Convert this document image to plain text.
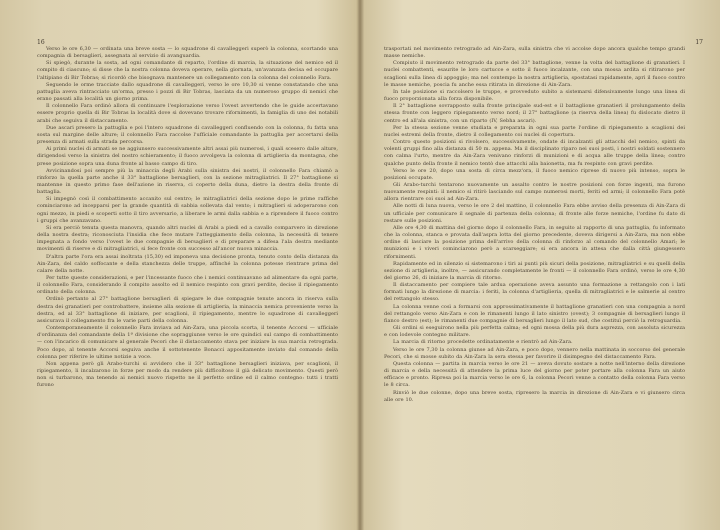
16

Verso le ore 6,30 — ordinata una breve sosta — lo squadrone di cavalleggeri superò la colonna, scortando una compagnia di bersaglieri, assegnata al servizio di avanguardia.

Si spiegò, durante la sosta, ad ogni comandante di reparto, l'ordine di marcia, la situazione del nemico ed il compito di ciascuno; si disse che la nostra colonna doveva operare, nella giornata, un'avanzata decisa ed occupare l'altipiano di Bir Tobras; si ricordò che bisognava mantenere un collegamento con la colonna del colonnello Fara.

Seguendo le orme tracciate dallo squadrone di cavalleggeri, verso le ore 10,30 si venne constatando che una pattuglia aveva rintracciato un'orma, presso i pozzi di Bir Tobras, lasciata da un numeroso gruppo di nemici che erano passati alla località un giorno prima.

Il colonnello Fara ordinò allora di continuare l'esplorazione verso l'ovest avvertendo che le guide accertavano essere proprio quella di Bir Tobras la località dove si dovevano trovare rifornimenti, la famiglia di uno dei notabili arabi che seguiva il distaccamento.

Due ascari presero la pattuglia e poi l'intero squadrone di cavalleggeri confluendo con la colonna, fu fatta una sosta sul margine delle alture; il colonnello Fara raccolse l'ufficiale comandante la pattuglia per accertarsi della presenza di armati sulla strada percorsa.

Ai primi nuclei di armati se ne aggiunsero successivamente altri assai più numerosi, i quali scesero dalle alture, dirigendosi verso la sinistra del nostro schieramento; il fuoco avvolgeva la colonna di artiglieria da montagna, che prese posizione sopra una duna fronte al basso campo di tiro.

Avvicinandosi poi sempre più la minaccia degli Arabi sulla sinistra dei nostri, il colonnello Fara chiamò a rinforzo la quella parte anche il 33° battaglione bersaglieri, con la sezione mitragliatrici. Il 27° battaglione si mantenne in questo primo fase dell'azione in riserva, ci coperto della duna, dietro la destra della fronte di battaglia.

Si impegnò così il combattimento accanito sul centro; le mitragliatrici della sezione dopo le prime raffiche cominciarono ad incepparsi per la grande quantità di sabbia sollevata dal vento; i mitraglieri si adoperarono con ogni mezzo, in piedi e scoperti sotto il tiro avversario, a liberare le armi dalla sabbia e a riprendere il fuoco contro i gruppi che avanzavano.

Si era perciò tenuta questa manovra, quando altri nuclei di Arabi a piedi ed a cavallo comparvero in direzione della nostra destra; riconosciuta l'insidia che fece mutare l'atteggiamento della colonna, la necessità di tenere impegnata a fondo verso l'ovest le due compagnie di bersaglieri e di preparare a difesa l'ala destra mediante movimenti di riserve e di mitragliatrici, si fece fronte con successo all'ancor nuova minaccia.

D'altra parte l'ora era assai inoltrata (15,30) ed imponeva una decisione pronta, tenuto conto della distanza da Ain-Zara, del caldo soffocante e della stanchezza delle truppe, affinché la colonna potesse rientrare prima del calare della notte.

Per tutte queste considerazioni, e per l'incessante fuoco che i nemici continuavano ad alimentare da ogni parte, il colonnello Fara, considerando il compito assolto ed il nemico respinto con gravi perdite, decise il ripiegamento ordinato della colonna.

Ordinò pertanto al 27° battaglione bersaglieri di spiegare le due compagnie tenute ancora in riserva sulla destra dei granatieri per controbattere, insieme alla sezione di artiglieria, la minaccia nemica proveniente verso la destra, ed al 33° battaglione di iniziare, per scaglioni, il ripiegamento, mentre lo squadrone di cavalleggeri assicurava il collegamento fra le varie parti della colonna.

Contemporaneamente il colonnello Fara inviava ad Ain-Zara, una piccola scorta, il tenente Accorsi — ufficiale d'ordinanza del comandante della 1ª divisione che sopraggiunse verso le ore quindici sul campo di combattimento — con l'incarico di comunicare al generale Pecori che il distaccamento stava per iniziare la sua marcia retrograda. Poco dopo, al tenente Accorsi seguiva anche il sottotenente Bonacci appositamente inviato dal comando della colonna per riferire le ultime notizie a voce.

Non appena però gli Arabo-turchi si avvidero che il 33° battaglione bersaglieri iniziava, per scaglioni, il ripiegamento, li incalzarono in forze per modo da rendere più difficoltoso il già delicato movimento. Questi però non si turbarono, ma tenendo ai nemici nuovo rispetto ne il perfetto ordine ed il calmo contegno: tutti i tratti furono

17

trasportati nel movimento retrogrado ad Ain-Zara, sulla sinistra che vi accolse dopo ancora qualche tempo grandi masse nemiche.

Compiuto il movimento retrogrado da parte del 33° battaglione, venne la volta del battaglione di granatieri. I nuclei combattenti, esaurite le loro cartucce e sotto il fuoco incalzante, con una mossa ardita si ritirarono per scaglioni sulla linea di appoggio; ma nel contempo la nostra artiglieria, spostatasi rapidamente, aprì il fuoco contro le masse nemiche, poscia fu anche essa ritirata in direzione di Ain-Zara.

In tale posizione si raccolsero le truppe, e provveduto subito a sistemarsi difensivamente lungo una linea di fuoco proporzionata alla forza disponibile.

Il 2° battaglione sovrapposto sulla fronte principale sud-est e il battaglione granatieri il prolungamento della stessa fronte con leggero ripiegamento verso nord; il 27° battaglione (a riserva della linea) fu dislocato dietro il centro ed all'ala sinistra, con un riparto (IV, Sebha ascari).

Per la stessa sezione venne studiata e preparata in ogni sua parte l'ordine di ripiegamento a scaglioni dei nuclei estremi della fronte, dietro il collegamento coi nuclei di copertura.

Contro questo posizioni si rivolsero, successivamente, ondate di incalzanti gli attacchi del nemico, spinti da volenti gruppi fino alla distanza di 50 m. appena. Ma il disciplinato riparo nei suoi posti, i nostri soldati sostennero con calma l'urto, mentre da Ain-Zara venivano rinforzi di munizioni e di acqua alle truppe della linea; contro qualche punto della fronte il nemico tentò due attacchi alla baionetta, ma fu respinto con gravi perdite.

Verso le ore 20, dopo una sosta di circa mezz'ora, il fuoco nemico riprese di nuovo più intenso, sopra le posizioni occupate.

Gli Arabo-turchi tentarono nuovamente un assalto contro le nostre posizioni con forze ingenti, ma furono nuovamente respinti: il nemico si ritirò lasciando sul campo numerosi morti, feriti ed armi; il colonnello Fara potè allora rientrare coi suoi ad Ain-Zara.

Alle notti di luna nuova, verso le ore 2 del mattino, il colonnello Fara ebbe avviso della presenza di Ain-Zara di un ufficiale per comunicare il segnale di partenza della colonna; di fronte alle forze nemiche, l'ordine fu dato di restare sulle posizioni.

Alle ore 4,30 di mattina del giorno dopo il colonnello Fara, in seguito al rapporto di una pattuglia, fu informato che la colonna, stanca e provata dall'aspra lotta del giorno precedente, doveva dirigersi a Ain-Zara, ma non ebbe ordine di lasciare la posizione prima dell'arrivo della colonna di rinforzo al comando del colonnello Amari; le munizioni e i viveri cominciarono però a scarseggiare; si era ancora in attesa che dalla città giungessero rifornimenti.

Rapidamente ed in silenzio si sistemarono i tiri ai punti più sicuri della posizione, mitragliatrici e su quelli della sezione di artiglieria, inoltre, — assicurando completamente le fronti — il colonnello Fara ordinò, verso le ore 4,30 del giorno 26, di iniziare la marcia di ritorno.

Il distaccamento per compiere tale ardua operazione aveva assunto una formazione a rettangolo con i lati formati lungo la direzione di marcia: i feriti, la colonna d'artiglieria, quella di mitragliatrici e le salmerie al centro del rettangolo stesso.

La colonna venne così a formarsi con approssimativamente il battaglione granatieri con una compagnia a nord del rettangolo verso Ain-Zara e con le rimanenti lungo il lato sinistro (ovest); 3 compagnie di bersaglieri lungo il fianco destro (est); le rimanenti due compagnie di bersaglieri lungo il lato sud, che costituì perciò la retroguardia.

Gli ordini si eseguirono nella più perfetta calma; ed ogni mossa della più dura asprezza, con assoluta sicurezza e con lodevole contegno militare.

La marcia di ritorno procedette ordinatamente e rientrò ad Ain-Zara.

Verso le ore 7,30 la colonna giunse ad Ain-Zara, e poco dopo, vennero nella mattinata in soccorso del generale Pecori, che si mosse subito da Ain-Zara la sera stessa per favorire il disimpegno del distaccamento Fara.

Questa colonna — partita in marcia verso le ore 21 — aveva dovuto sostare a notte nell'interno della direzione di marcia e della necessità di attendere la prima luce del giorno per poter portare alla colonna Fara un aiuto efficace e pronto. Ripresa poi la marcia verso le ore 6, la colonna Pecori venne a contatto della colonna Fara verso le 8 circa.

Rinviò le due colonne, dopo una breve sosta, ripresero la marcia in direzione di Ain-Zara e vi giunsero circa alle ore 10.
